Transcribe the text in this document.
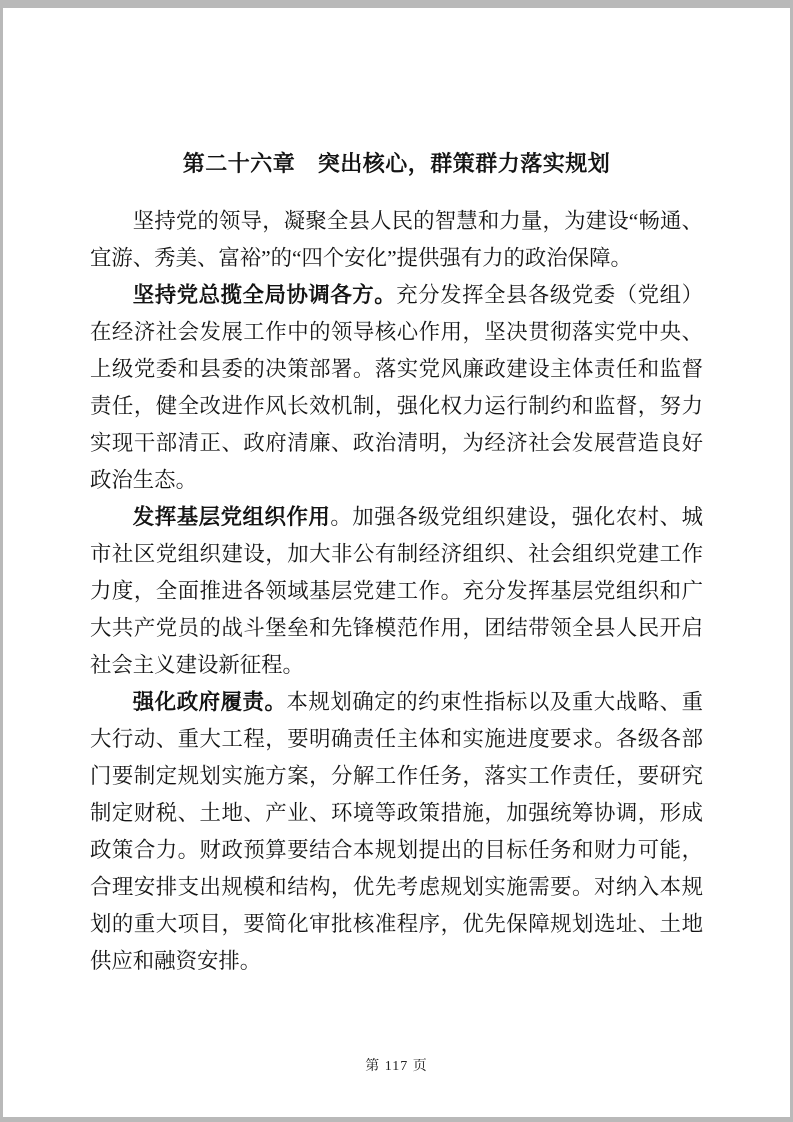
第二十六章　突出核心，群策群力落实规划

坚持党的领导，凝聚全县人民的智慧和力量，为建设“畅通、宜游、秀美、富裕”的“四个安化”提供强有力的政治保障。

坚持党总揽全局协调各方。充分发挥全县各级党委（党组）在经济社会发展工作中的领导核心作用，坚决贯彻落实党中央、上级党委和县委的决策部署。落实党风廉政建设主体责任和监督责任，健全改进作风长效机制，强化权力运行制约和监督，努力实现干部清正、政府清廉、政治清明，为经济社会发展营造良好政治生态。

发挥基层党组织作用。加强各级党组织建设，强化农村、城市社区党组织建设，加大非公有制经济组织、社会组织党建工作力度，全面推进各领域基层党建工作。充分发挥基层党组织和广大共产党员的战斗堡垒和先锋模范作用，团结带领全县人民开启社会主义建设新征程。

强化政府履责。本规划确定的约束性指标以及重大战略、重大行动、重大工程，要明确责任主体和实施进度要求。各级各部门要制定规划实施方案，分解工作任务，落实工作责任，要研究制定财税、土地、产业、环境等政策措施，加强统筹协调，形成政策合力。财政预算要结合本规划提出的目标任务和财力可能，合理安排支出规模和结构，优先考虑规划实施需要。对纳入本规划的重大项目，要简化审批核准程序，优先保障规划选址、土地供应和融资安排。

第 117 页
